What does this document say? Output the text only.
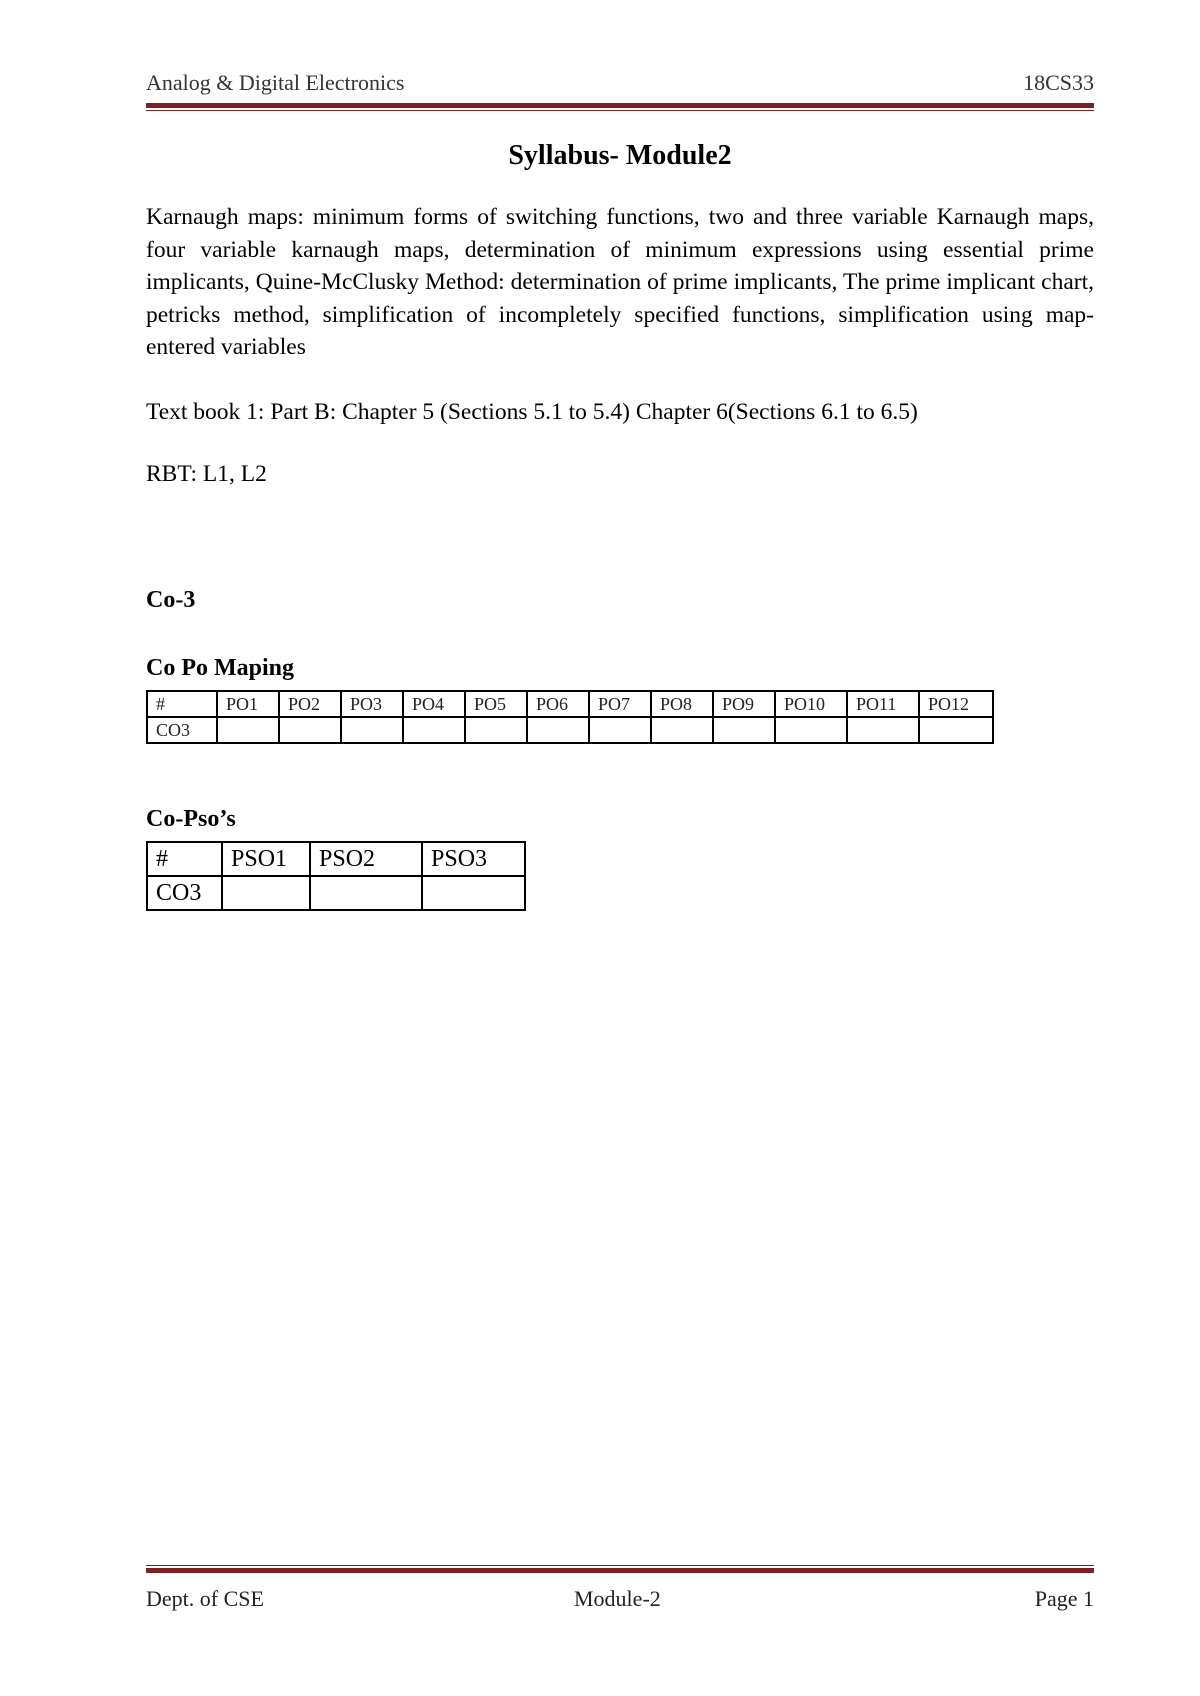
Analog & Digital Electronics	18CS33
Syllabus- Module2

Karnaugh maps: minimum forms of switching functions, two and three variable Karnaugh maps, four variable karnaugh maps, determination of minimum expressions using essential prime implicants, Quine-McClusky Method: determination of prime implicants, The prime implicant chart, petricks method, simplification of incompletely specified functions, simplification using map-entered variables

Text book 1: Part B: Chapter 5 (Sections 5.1 to 5.4) Chapter 6(Sections 6.1 to 6.5)

RBT: L1, L2

Co-3
Co Po Maping
#	PO1	PO2	PO3	PO4	PO5	PO6	PO7	PO8	PO9	PO10	PO11	PO12
CO3												
Co-Pso’s
#	PSO1	PSO2	PSO3
CO3			
Dept. of CSE	Module-2	Page 1
